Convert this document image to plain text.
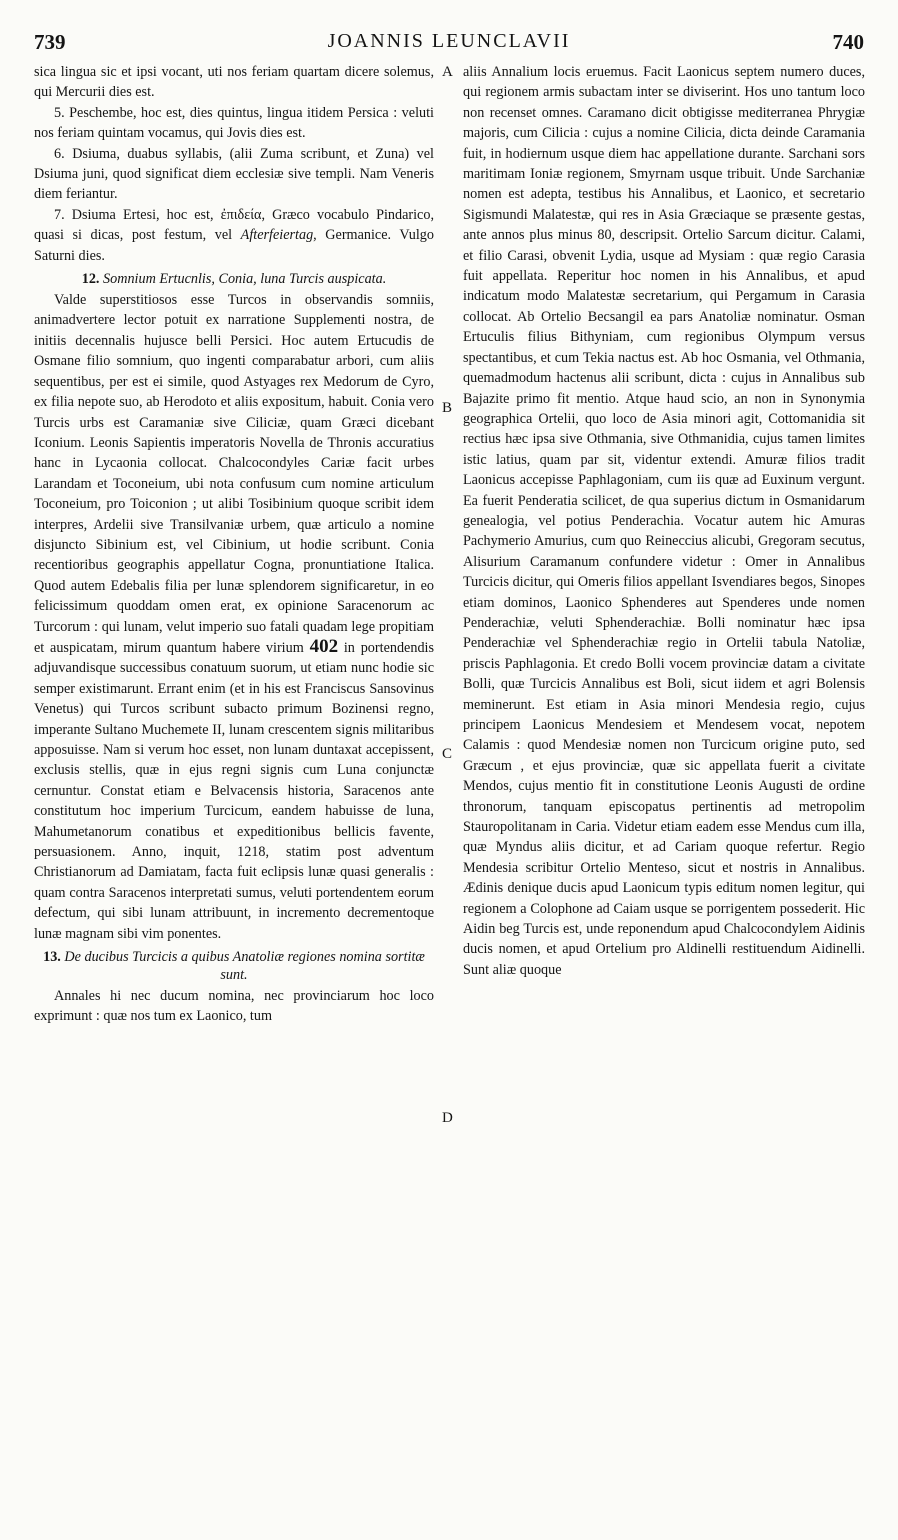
739	JOANNIS LEUNCLAVII	740
A
B
C
D

sica lingua sic et ipsi vocant, uti nos feriam quartam dicere solemus, qui Mercurii dies est.

5. Peschembe, hoc est, dies quintus, lingua itidem Persica : veluti nos feriam quintam vocamus, qui Jovis dies est.

6. Dsiuma, duabus syllabis, (alii Zuma scribunt, et Zuna) vel Dsiuma juni, quod significat diem ecclesiæ sive templi. Nam Veneris diem feriantur.

7. Dsiuma Ertesi, hoc est, ἐπιδεία, Græco vocabulo Pindarico, quasi si dicas, post festum, vel Afterfeiertag, Germanice. Vulgo Saturni dies.

12. Somnium Ertucnlis, Conia, luna Turcis auspicata.

Valde superstitiosos esse Turcos in observandis somniis, animadvertere lector potuit ex narratione Supplementi nostra, de initiis decennalis hujusce belli Persici. Hoc autem Ertucudis de Osmane filio somnium, quo ingenti comparabatur arbori, cum aliis sequentibus, per est ei simile, quod Astyages rex Medorum de Cyro, ex filia nepote suo, ab Herodoto et aliis expositum, habuit. Conia vero Turcis urbs est Caramaniæ sive Ciliciæ, quam Græci dicebant Iconium. Leonis Sapientis imperatoris Novella de Thronis accuratius hanc in Lycaonia collocat. Chalcocondyles Cariæ facit urbes Larandam et Toconeium, ubi nota confusum cum nomine articulum Toconeium, pro Toiconion ; ut alibi Tosibinium quoque scribit idem interpres, Ardelii sive Transilvaniæ urbem, quæ articulo a nomine disjuncto Sibinium est, vel Cibinium, ut hodie scribunt. Conia recentioribus geographis appellatur Cogna, pronuntiatione Italica. Quod autem Edebalis filia per lunæ splendorem significaretur, in eo felicissimum quoddam omen erat, ex opinione Saracenorum ac Turcorum : qui lunam, velut imperio suo fatali quadam lege propitiam et auspicatam, mirum quantum habere virium 402 in portendendis adjuvandisque successibus conatuum suorum, ut etiam nunc hodie sic semper existimarunt. Errant enim (et in his est Franciscus Sansovinus Venetus) qui Turcos scribunt subacto primum Bozinensi regno, imperante Sultano Muchemete II, lunam crescentem signis militaribus apposuisse. Nam si verum hoc esset, non lunam duntaxat accepissent, exclusis stellis, quæ in ejus regni signis cum Luna conjunctæ cernuntur. Constat etiam e Belvacensis historia, Saracenos ante constitutum hoc imperium Turcicum, eandem habuisse de luna, Mahumetanorum conatibus et expeditionibus bellicis favente, persuasionem. Anno, inquit, 1218, statim post adventum Christianorum ad Damiatam, facta fuit eclipsis lunæ quasi generalis : quam contra Saracenos interpretati sumus, veluti portendentem eorum defectum, qui sibi lunam attribuunt, in incremento decrementoque lunæ magnam sibi vim ponentes.

13. De ducibus Turcicis a quibus Anatoliæ regiones nomina sortitæ sunt.

Annales hi nec ducum nomina, nec provinciarum hoc loco exprimunt : quæ nos tum ex Laonico, tum

aliis Annalium locis eruemus. Facit Laonicus septem numero duces, qui regionem armis subactam inter se diviserint. Hos uno tantum loco non recenset omnes. Caramano dicit obtigisse mediterranea Phrygiæ majoris, cum Cilicia : cujus a nomine Cilicia, dicta deinde Caramania fuit, in hodiernum usque diem hac appellatione durante. Sarchani sors maritimam Ioniæ regionem, Smyrnam usque tribuit. Unde Sarchaniæ nomen est adepta, testibus his Annalibus, et Laonico, et secretario Sigismundi Malatestæ, qui res in Asia Græciaque se præsente gestas, ante annos plus minus 80, descripsit. Ortelio Sarcum dicitur. Calami, et filio Carasi, obvenit Lydia, usque ad Mysiam : quæ regio Carasia fuit appellata. Reperitur hoc nomen in his Annalibus, et apud indicatum modo Malatestæ secretarium, qui Pergamum in Carasia collocat. Ab Ortelio Becsangil ea pars Anatoliæ nominatur. Osman Ertuculis filius Bithyniam, cum regionibus Olympum versus spectantibus, et cum Tekia nactus est. Ab hoc Osmania, vel Othmania, quemadmodum hactenus alii scribunt, dicta : cujus in Annalibus sub Bajazite primo fit mentio. Atque haud scio, an non in Synonymia geographica Ortelii, quo loco de Asia minori agit, Cottomanidia sit rectius hæc ipsa sive Othmania, sive Othmanidia, cujus tamen limites istic latius, quam par sit, videntur extendi. Amuræ filios tradit Laonicus accepisse Paphlagoniam, cum iis quæ ad Euxinum vergunt. Ea fuerit Penderatia scilicet, de qua superius dictum in Osmanidarum genealogia, vel potius Penderachia. Vocatur autem hic Amuras Pachymerio Amurius, cum quo Reineccius alicubi, Gregoram secutus, Alisurium Caramanum confundere videtur : Omer in Annalibus Turcicis dicitur, qui Omeris filios appellant Isvendiares begos, Sinopes etiam dominos, Laonico Sphenderes aut Spenderes unde nomen Penderachiæ, veluti Sphenderachiæ. Bolli nominatur hæc ipsa Penderachiæ vel Sphenderachiæ regio in Ortelii tabula Natoliæ, priscis Paphlagonia. Et credo Bolli vocem provinciæ datam a civitate Bolli, quæ Turcicis Annalibus est Boli, sicut iidem et agri Bolensis meminerunt. Est etiam in Asia minori Mendesia regio, cujus principem Laonicus Mendesiem et Mendesem vocat, nepotem Calamis : quod Mendesiæ nomen non Turcicum origine puto, sed Græcum , et ejus provinciæ, quæ sic appellata fuerit a civitate Mendos, cujus mentio fit in constitutione Leonis Augusti de ordine thronorum, tanquam episcopatus pertinentis ad metropolim Stauropolitanam in Caria. Videtur etiam eadem esse Mendus cum illa, quæ Myndus aliis dicitur, et ad Cariam quoque refertur. Regio Mendesia scribitur Ortelio Menteso, sicut et nostris in Annalibus. Ædinis denique ducis apud Laonicum typis editum nomen legitur, qui regionem a Colophone ad Caiam usque se porrigentem possederit. Hic Aidin beg Turcis est, unde reponendum apud Chalcocondylem Aidinis ducis nomen, et apud Ortelium pro Aldinelli restituendum Aidinelli. Sunt aliæ quoque
